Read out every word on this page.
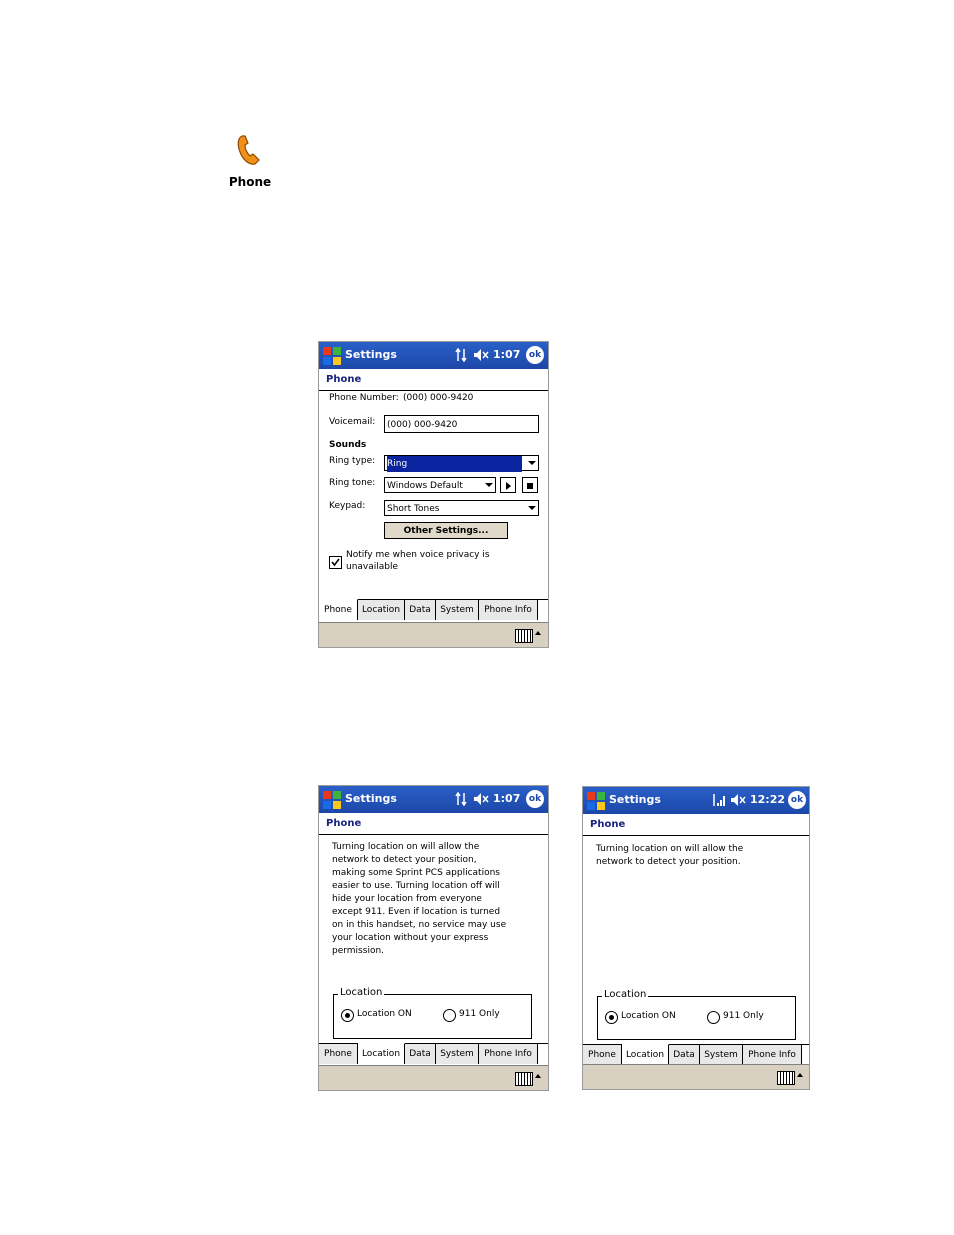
Phone
Settings	1:07 ok
Phone
Phone Number: (000) 000-9420
Voicemail:	(000) 000-9420
Sounds
Ring type:	Ring
Ring tone:	Windows Default
Keypad:	Short Tones
Other Settings...
Notify me when voice privacy is
unavailable
Phone	Location	Data	System	Phone Info
Settings	1:07 ok
Phone
Turning location on will allow the
network to detect your position,
making some Sprint PCS applications
easier to use. Turning location off will
hide your location from everyone
except 911. Even if location is turned
on in this handset, no service may use
your location without your express
permission.
Location
Location ON	911 Only
Phone	Location	Data	System	Phone Info
Settings	12:22 ok
Phone
Turning location on will allow the
network to detect your position.
Location
Location ON	911 Only
Phone	Location	Data	System	Phone Info
